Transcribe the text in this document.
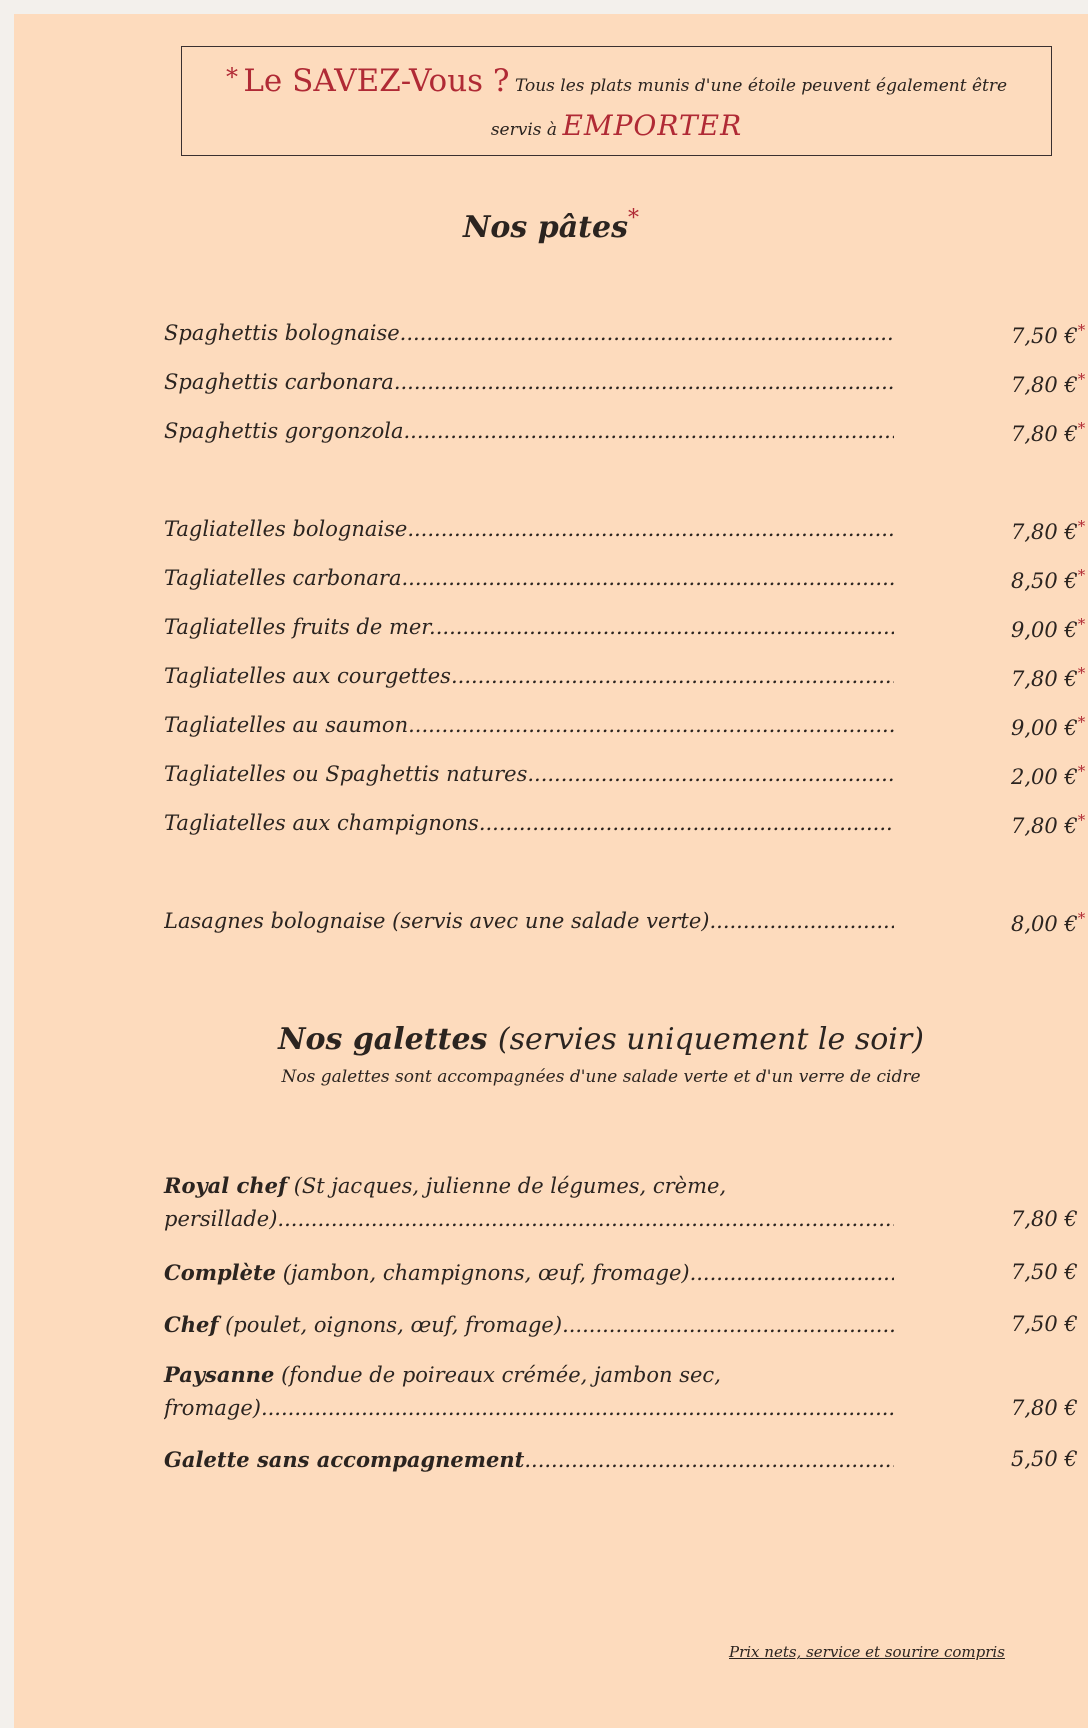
* Le SAVEZ-Vous ? Tous les plats munis d'une étoile peuvent également être
servis à EMPORTER
Nos pâtes*
Spaghettis bolognaise .....	7,50 €*
Spaghettis carbonara .....	7,80 €*
Spaghettis gorgonzola .....	7,80 €*
Tagliatelles bolognaise .....	7,80 €*
Tagliatelles carbonara .....	8,50 €*
Tagliatelles fruits de mer .....	9,00 €*
Tagliatelles aux courgettes .....	7,80 €*
Tagliatelles au saumon .....	9,00 €*
Tagliatelles ou Spaghettis natures .....	2,00 €*
Tagliatelles aux champignons .....	7,80 €*
Lasagnes bolognaise (servis avec une salade verte) .....	8,00 €*
Nos galettes (servies uniquement le soir)
Nos galettes sont accompagnées d'une salade verte et d'un verre de cidre
Royal chef (St jacques, julienne de légumes, crème,
persillade) .....	7,80 €
Complète (jambon, champignons, œuf, fromage) .....	7,50 €
Chef (poulet, oignons, œuf, fromage) .....	7,50 €
Paysanne (fondue de poireaux crémée, jambon sec,
fromage) .....	7,80 €
Galette sans accompagnement .....	5,50 €
Prix nets, service et sourire compris
